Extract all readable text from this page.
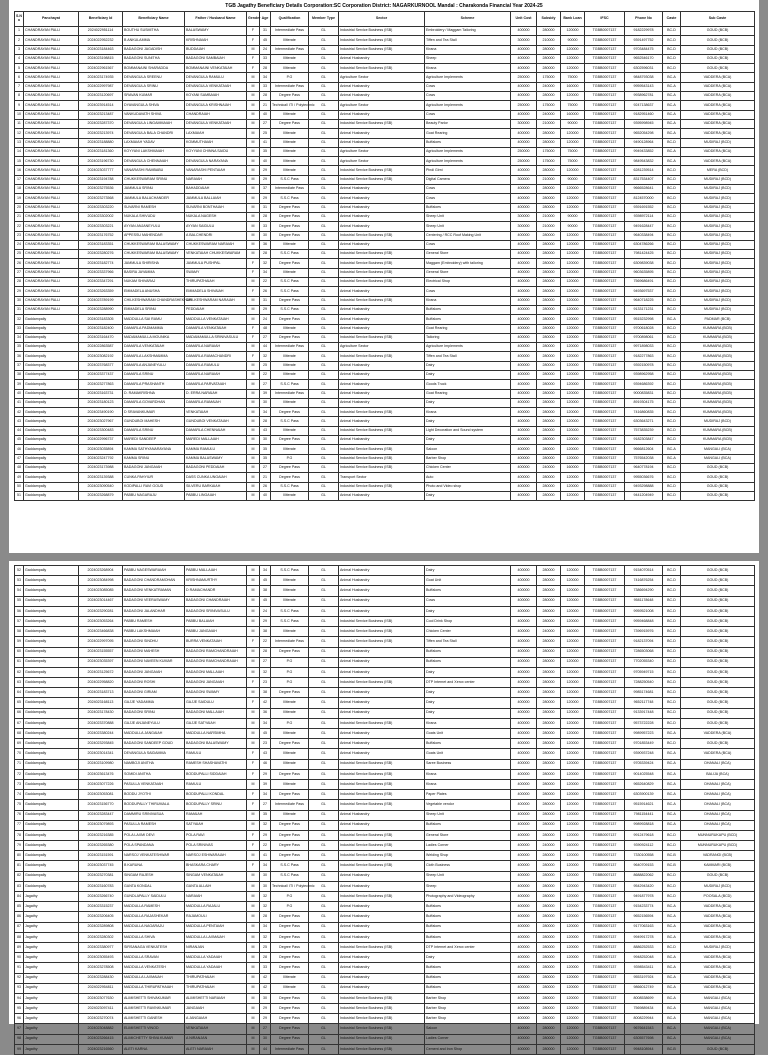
TGB Jagathy Beneficiary Details Corporation:SC Corporation District: NAGARKURNOOL Mandal : Charakonda Financial Year 2024-25
S.N o	Panchayat	Beneficiary Id	Beneficiary Name	Father / Husband Name	Gender	Age	Qualification	Member Type	Sector	Scheme	Unit Cost	Subsidy	Bank Loan	IFSC	Phone No	Caste	Sub Caste
1	CHANDRAYAN PALLI	2024022951114	BOUTHU SUSMITHA	BALASWAMY	F	31	Intermediate Pass	GL	Industrial Service Business (ISB)	Embroidery / Maggam Tailoring	400000	280000	120000	TGBB0007137	9182229978	BC-D	GOUD (BCB)
2	CHANDRAYAN PALLI	2024022952232	B ANKULAMMA	KRISHNAIAH	F	45	Illiterate	GL	Industrial Service Business (ISB)	Tiffen and Tea Stall	300000	210000	90000	TGBB0007137	9391497752	BC-D	GOUD (BCB)
3	CHANDRAYAN PALLI	2024023184463	BADAGONI JAGADISH	BUDDAIAH	M	24	Intermediate Pass	GL	Industrial Service Business (ISB)	Kirana	400000	280000	120000	TGBB0007137	9703484475	BC-D	GOUD (BCB)
4	CHANDRAYAN PALLI	2024023198815	BADAGONI SUNITHA	BADAGONI SAMBAIAH	F	33	Illiterate	GL	Animal Husbandry	Sheep	400000	280000	120000	TGBB0007137	9652546170	BC-D	GOUD (BCB)
5	CHANDRAYAN PALLI	2024022961567	BOMMANAINI SHARADDA	BOMMANAINI VENKATAIAH	F	28	Illiterate	GL	Industrial Service Business (ISB)	Kirana	400000	280000	120000	TGBB0007137	6302596031	BC-D	GOUD (BCB)
6	CHANDRAYAN PALLI	2024023174935	DEVANGULA SREENU	DEVANGULA RAMULU	M	34	P.G	GL	Agriculture Sector	Agriculture Implements	250000	175000	75000	TGBB0007137	9848793038	BC-A	VADDERA (BCA)
7	CHANDRAYAN PALLI	2024022997987	DEVANGULA SRINU	DEVANGULA VENKATAIAH	M	33	Intermediate Pass	GL	Animal Husbandry	Cows	400000	240000	160000	TGBB0007137	9959543143	BC-A	VADDERA (BCA)
8	CHANDRAYAN PALLI	2024023120697	SRAVAN KUMAR	KOYANI SAMBAIAH	M	28	Degree Pass	GL	Animal Husbandry	Cows	400000	280000	120000	TGBB0007137	9938962781	BC-A	VADDERA (BCA)
9	CHANDRAYAN PALLI	2024023914514	DYAVANGULA SHIVA	DEVANGULA KRISHNAIAH	M	21	Technical/ ITI / Polytechnic	GL	Agriculture Sector	Agriculture Implements	250000	175000	75000	TGBB0007137	9247138637	BC-A	VADDERA (BCA)
10	CHANDRAYAN PALLI	2024023213487	VANKUDAVATH SHIVA	CHANDRAIAH	M	40	Illiterate	GL	Animal Husbandry	Cows	400000	240000	160000	TGBB0007137	9182951460	BC-A	VADDERA (BCA)
11	CHANDRAYAN PALLI	2024023287370	DEVANGULA LINGAMMAIAH	DEVANGULA VENKATAIAH	M	27	Degree Pass	GL	Industrial Service Business (ISB)	Beauty Parlor	300000	210000	90000	TGBB0007137	9395998945	BC-A	VADDERA (BCA)
12	CHANDRAYAN PALLI	2024023213974	DEVANGULA BALA CHANDRI	LAXMAIAH	M	25	Illiterate	GL	Animal Husbandry	Goat Rearing	400000	280000	120000	TGBB0007137	9652054298	BC-A	VADDERA (BCA)
13	CHANDRAYAN PALLI	2024023188880	LAXMAIAH YADAV	KOMMUTHAIAH	M	41	Illiterate	GL	Animal Husbandry	Buffaloes	400000	280000	120000	TGBB0007137	9490128964	BC-D	MUDIRAJ (BCD)
14	CHANDRAYAN PALLI	2024023181360	KOYYANI LAKSHMAIAH	KOYYANI CHINNA SAIDU	M	35	Illiterate	GL	Agriculture Sector	Agriculture Implements	250000	175000	75000	TGBB0007137	9949433852	BC-A	VADDERA (BCA)
15	CHANDRAYAN PALLI	2024023196730	DEVANGULA CHENNAIAH	DEVANGULA NARAYANA	M	40	Illiterate	GL	Agriculture Sector	Agriculture Implements	250000	175000	75000	TGBB0007137	9849543832	BC-A	VADDERA (BCA)
16	CHANDRAYAN PALLI	2024023037777	VANARASHI RAMBABU	VANARASHI PENTAIAH	M	29	Illiterate	GL	Industrial Service Business (ISB)	Pindi Girni	400000	280000	120000	TGBB0007137	6281239514	BC-D	MERA (BCD)
17	CHANDRAYAN PALLI	2024023194788	CHUKKESWARAM SRINU	NARAIAH	M	29	S.S.C Pass	GL	Industrial Service Business (ISB)	Digital Camera	300000	210000	90000	TGBB0007137	8317534407	BC-D	MUDIRAJ (BCD)
18	CHANDRAYAN PALLI	2024023275536	JAMMULA SRINU	BAHADDAIAH	M	37	Intermediate Pass	GL	Animal Husbandry	Cows	400000	280000	120000	TGBB0007137	9666528641	BC-D	MUDIRAJ (BCD)
19	CHANDRAYAN PALLI	2024023273568	JAMMULA BALACHANDER	JAMMULA BALLAIAH	M	29	S.S.C Pass	GL	Animal Husbandry	Cows	400000	280000	120000	TGBB0007137	8124570000	BC-D	MUDIRAJ (BCD)
20	CHANDRAYAN PALLI	2024023303220	SUVARNI RAMESH	SUVARNI BONTHAIAH	M	31	Degree Pass	GL	Animal Husbandry	Buffaloes	400000	280000	120000	TGBB0007137	9391691552	BC-D	MUDIRAJ (BCD)
21	CHANDRAYAN PALLI	2024023302002	NUKALA SHIVUDU	NUKALA NAGESH	M	28	Degree Pass	GL	Animal Husbandry	Sheep Unit	300000	210000	90000	TGBB0007137	9398972114	BC-D	MUDIRAJ (BCD)
22	CHANDRAYAN PALLI	2024023303221	AYYAN ANJANEYULU	AYYAN SAIDULU	M	33	Degree Pass	GL	Animal Husbandry	Sheep Unit	300000	210000	90000	TGBB0007137	9491628447	BC-D	MUDIRAJ (BCD)
23	CHANDRAYAN PALLI	2024023176752	APPESSU MAHENDAR	A BALCHENDRI	M	30	Degree Pass	GL	Industrial Service Business (ISB)	Centering / RCC Roof Making Unit	400000	280000	120000	TGBB0007137	9640338494	BC-D	MUDIRAJ (BCD)
24	CHANDRAYAN PALLI	2024023183351	CHUKKESWARAM BALASWAMY	CHUKKESWARAM NARAIAH	M	36	Illiterate	GL	Animal Husbandry	Cows	400000	280000	120000	TGBB0007137	6304786266	BC-D	MUDIRAJ (BCD)
25	CHANDRAYAN PALLI	2024023280276	CHUKKESWARAM BALASWAMY	VENKATAIAH CHUKKESWARAM	M	28	S.S.C Pass	GL	Industrial Service Business (ISB)	General Store	400000	280000	120000	TGBB0007137	7981424425	BC-D	MUDIRAJ (BCD)
26	CHANDRAYAN PALLI	2024023182774	JAMMULA SHIRISHA	JAMMULA PUSHPAL	F	32	Degree Pass	GL	Industrial Service Business (ISB)	Maggam (Embroidery) with tailoring	400000	280000	120000	TGBB0007137	6309839038	BC-D	MUDIRAJ (BCD)
27	CHANDRAYAN PALLI	2024023337966	BASIRA JAYAMMA	SWAMY	F	34	Illiterate	GL	Industrial Service Business (ISB)	General Store	400000	280000	120000	TGBB0007137	9603635895	BC-D	MUDIRAJ (BCD)
28	CHANDRAYAN PALLI	2024023347291	NUKAM SHIVARAJ	THIRUPATHAIAH	M	22	S.S.C Pass	GL	Industrial Service Business (ISB)	Electrical Shop	400000	280000	120000	TGBB0007137	7569686491	BC-D	MUDIRAJ (BCD)
29	CHANDRAYAN PALLI	2024023263359	EMMADELA ANUSHA	EMMADELA SHIVAIAH	F	26	S.S.C Pass	GL	Animal Husbandry	Cows	400000	280000	120000	TGBB0007137	9493697537	BC-D	MUDIRAJ (BCD)
30	CHANDRAYAN PALLI	2024023789199	CHILKESHWARAM CHANDRASHEKHAR	CHILKESHWARAM NARAIAH	M	31	Degree Pass	GL	Industrial Service Business (ISB)	Kirana	400000	280000	120000	TGBB0007137	9640718225	BC-D	MUDIRAJ (BCD)
31	CHANDRAYAN PALLI	2024023288990	EMMADELA SRINU	PEDDAIAH	M	29	S.S.C Pass	GL	Animal Husbandry	Buffaloes	400000	280000	120000	TGBB0007137	9133171231	BC-D	MUDIRAJ (BCD)
32	Gaddampally	2024023183305	MADDULLA SAI RAMU	MADDULLA VENKATAIAH	M	24	Degree Pass	GL	Animal Husbandry	Buffaloes	400000	280000	120000	TGBB0007137	9515232998	BC-A	PADMAR (BCB)
33	Gaddampally	2024023182400	DAMARLA PADMAMMA	DAMARLA VENKATAIAH	F	48	Illiterate	GL	Animal Husbandry	Goat Rearing	400000	280000	120000	TGBB0007137	9700618028	BC-D	KUMMARA (BCB)
34	Gaddampally	2024023164470	MADAMAMULLA MOUNIKA	MADAMAMULLA SRINIVASULU	F	27	Degree Pass	GL	Industrial Service Business (ISB)	Tailoring	400000	280000	120000	TGBB0007137	9700898061	BC-D	KUMMARA (BCB)
35	Gaddampally	2024022863587	DAMARLA VENKATAIAH	DAMARLA NARAIAH	M	44	Intermediate Pass	GL	Agriculture Sector	Agriculture Implements	400000	280000	120000	TGBB0007137	9971898033	BC-D	KUMMARA (BCB)
36	Gaddampally	2024023082192	DAMARLA LAKSHMAMMA	DAMARLA RAMACHANDRI	F	32	Illiterate	GL	Industrial Service Business (ISB)	Tiffen and Tea Stall	400000	280000	120000	TGBB0007137	9182277863	BC-D	KUMMARA (BCB)
37	Gaddampally	2024023768377	DAMARLA ANJANEYULU	DAMARLA RAMULU	M	25	Illiterate	GL	Animal Husbandry	Dairy	400000	280000	120000	TGBB0007137	9392150978	BC-D	KUMMARA (BCB)
38	Gaddampally	2024023377437	DAMARLA SRINU	DAMARLA NARAIAH	M	22	Illiterate	GL	Animal Husbandry	Dairy	400000	280000	120000	TGBB0007137	9398962958	BC-D	KUMMARA (BCB)
39	Gaddampally	2024023277863	DAMARLA PRASHANTH	DAMARLA PARVATAIAH	M	27	S.S.C Pass	GL	Animal Husbandry	Goods Truck	400000	280000	120000	TGBB0007137	9394686392	BC-D	KUMMARA (BCB)
40	Gaddampally	2024023163731	D. RAMAKRISHNA	D. ERRA NARAIAH	M	39	Intermediate Pass	GL	Animal Husbandry	Goat Rearing	400000	280000	120000	TGBB0007137	9000835831	BC-D	KUMMARA (BCB)
41	Gaddampally	2024023180123	DAMARLA GOVARDHAN	DAMARLA RAMAIAH	M	30	Illiterate	GL	Animal Husbandry	Dairy	400000	280000	120000	TGBB0007137	8919304175	BC-D	KUMMARA (BCB)
42	Gaddampally	2024023490190	D SRAVANKUMAR	VENKATAIAH	M	34	Degree Pass	GL	Industrial Service Business (ISB)	Kirana	400000	280000	120000	TGBB0007137	7416860835	BC-D	KUMMARA (BCB)
43	Gaddampally	2024023027967	GUNDUBOI MAHESH	GUNDUBOI VENKATAIAH	M	28	S.S.C Pass	GL	Animal Husbandry	Dairy	400000	280000	120000	TGBB0007137	6303643271	BC-D	MUDIRAJ (BCD)
44	Gaddampally	2024023300483	DAMARLA SRINU	DAMARLA CHENNAIAH	M	43	Illiterate	GL	Industrial Service Business (ISB)	Light Decoration and Sound system	400000	280000	120000	TGBB0007137	7573835239	BC-D	KUMMARA (BCB)
45	Gaddampally	2024022996737	MAREDI SANDEEP	MAREDI MALLAIAH	M	30	Degree Pass	GL	Animal Husbandry	Dairy	400000	280000	120000	TGBB0007137	9182303847	BC-D	KUMMARA (BCB)
46	Gaddampally	2024023035894	KAMMA SATHYANARAYANA	KAMMA RAMULU	M	35	Illiterate	GL	Industrial Service Business (ISB)	Saloon	400000	280000	120000	TGBB0007137	9666812604	BC-A	MANGALI (BCA)
47	Gaddampally	2024023247792	KAMMA SRINU	KAMMA BALASWAMY	M	35	P.G	GL	Industrial Service Business (ISB)	Barber Shop	400000	280000	120000	TGBB0007137	7576542038	BC-A	MANGALI (BCA)
48	Gaddampally	2024023173988	BADAGONI JANGAIAH	BADAGONI PEDDAIAH	M	27	Degree Pass	GL	Industrial Service Business (ISB)	Chicken Center	400000	240000	160000	TGBB0007137	9640778194	BC-D	GOUD (BCB)
49	Gaddampally	2024023139388	CUNKA PAHYIUR	DASS CUNKA UNGAIAH	M	21	Degree Pass	GL	Transport Sector	Auto	400000	280000	120000	TGBB0007137	9955036676	BC-D	GOUD (BCB)
50	Gaddampally	2024023090540	KODIPALLI RAVI GOUD	SILVERU BARKAIAH	M	26	S.S.C Pass	GL	Industrial Service Business (ISB)	Photo and Video shop	400000	280000	120000	TGBB0007137	9493298888	BC-D	GOUD (BCB)
51	Gaddampally	2024023268879	PABBU NAGARAJU	PABBU LINGAIAH	M	40	Illiterate	GL	Animal Husbandry	Dairy	400000	280000	120000	TGBB0007137	9441204949	BC-D	GOUD (BCB)
52	Gaddampally	2024023268904	PABBU NAGESWARAIAH	PABBU MALLAIAH	M	34	S.S.C Pass	GL	Animal Husbandry	Dairy	400000	280000	120000	TGBB0007137	9154070514	BC-D	GOUD (BCB)
53	Gaddampally	2024023084998	BADAGONI CHANDRAMOHAN	KRISHNAMURTHY	M	45	Illiterate	GL	Animal Husbandry	Goat Unit	400000	280000	120000	TGBB0007137	7416876254	BC-D	GOUD (BCB)
54	Gaddampally	2024023085085	BADAGONI VENKATRAMAN	D RAMACHANDR	M	38	Illiterate	GL	Animal Husbandry	Buffaloes	400000	280000	120000	TGBB0007137	7386694290	BC-D	GOUD (BCB)
55	Gaddampally	2024023014467	BADAGONI VEERASWAMY	BADAGONI CHANDRAIAH	M	45	Illiterate	GL	Animal Husbandry	Cows	400000	280000	120000	TGBB0007137	9581178648	BC-D	GOUD (BCB)
56	Gaddampally	2024023290281	BADAGONI JALANDHAR	BADAGONI SRINIVASULU	M	24	S.S.C Pass	GL	Animal Husbandry	Dairy	400000	280000	120000	TGBB0007137	9959521008	BC-D	GOUD (BCB)
57	Gaddampally	2024023053264	PABBU RAMESH	PABBU BALAIAH	M	29	S.S.C Pass	GL	Industrial Service Business (ISB)	Cool Drink Shop	400000	280000	120000	TGBB0007137	9959468848	BC-D	GOUD (BCB)
58	Gaddampally	2024023466838	PABBU LAKSHMAIAH	PABBU JANGAIAH	M	38	Illiterate	GL	Industrial Service Business (ISB)	Chicken Center	400000	240000	160000	TGBB0007137	7396915976	BC-D	GOUD (BCB)
59	Gaddampally	2024022997095	BADAGONI SINDHU	BURRA VENKATAIAH	F	22	Intermediate Pass	GL	Industrial Service Business (ISB)	Tiffen and Tea Stall	400000	280000	120000	TGBB0007137	9182137094	BC-D	GOUD (BCB)
60	Gaddampally	2024023155557	BADAGONI MAHESH	BADAGONI RAMCHANDRAIAH	M	28	Degree Pass	GL	Animal Husbandry	Buffaloes	400000	280000	120000	TGBB0007137	7286503068	BC-D	GOUD (BCB)
61	Gaddampally	2024023035397	BADAGONI NAVEEN KUMAR	BADAGONI RAMCHANDRAIAH	M	27	P.G	GL	Animal Husbandry	Buffaloes	400000	280000	120000	TGBB0007137	7702055340	BC-D	GOUD (BCB)
62	Gaddampally	2024023125672	BADAGONI JANGAIAH	BADAGONI MALLAIAH	M	32	P.G	GL	Animal Husbandry	Dairy	400000	280000	120000	TGBB0007137	9705949715	BC-D	GOUD (BCB)
63	Gaddampally	2024022958820	BADAGONI ROSHI	BADAGONI JANGAIAH	F	23	P.G	GL	Industrial Service Business (ISB)	DTP Internet and Xerox center	400000	280000	120000	TGBB0007137	7288250540	BC-D	GOUD (BCB)
64	Gaddampally	2024023183713	BADAGONI GIRIAM	BADAGONI SWAMY	M	38	Degree Pass	GL	Animal Husbandry	Dairy	400000	280000	120000	TGBB0007137	9985174681	BC-D	GOUD (BCB)
65	Gaddampally	2024023168113	GAJJE YADAMMA	GAJJE SAIDULU	F	42	Illiterate	GL	Animal Husbandry	Dairy	400000	280000	120000	TGBB0007137	9652117748	BC-D	GOUD (BCB)
66	Gaddampally	2024023178430	BADAGONI SRINU	BADAGONI MALLAIAH	M	36	Illiterate	GL	Animal Husbandry	Dairy	400000	280000	120000	TGBB0007137	9133917448	BC-D	GOUD (BCB)
67	Gaddampally	2024023370888	GAJJE ANJANEYULU	GAJJE SATYAIAH	M	34	P.G	GL	Industrial Service Business (ISB)	Kirana	400000	280000	120000	TGBB0007137	9573722228	BC-D	GOUD (BCB)
68	Gaddampally	2024023380244	MADDULLA JANGAIAH	MADDULLA NARSIMHA	M	45	Illiterate	GL	Animal Husbandry	Goats Unit	400000	280000	120000	TGBB0007137	9989957223	BC-A	VADDERA (BCA)
69	Gaddampally	2024023293845	BADAGONI SANDEEP GOUD	BADAGONI BALASWAMY	M	23	Degree Pass	GL	Animal Husbandry	Buffaloes	400000	280000	120000	TGBB0007137	9701853449	BC-D	GOUD (BCB)
70	Gaddampally	2024023014341	DEVANGULA SAIDAMMA	RAMULU	F	43	Illiterate	GL	Animal Husbandry	Goats Unit	400000	280000	120000	TGBB0007137	9390937248	BC-A	VADDERA (BCA)
71	Gaddampally	2024023109980	NAMBOJI ANITHA	RAMESH SHASHAVATHI	F	46	Illiterate	GL	Industrial Service Business (ISB)	Saree Business	400000	280000	120000	TGBB0007137	9705339424	BC-A	DHANALI (BCA)
72	Gaddampally	2024023613476	SOMIDI ANITHA	BODDUPALLI SIDDAIAH	F	29	Degree Pass	GL	Industrial Service Business (ISB)	Kirana	400000	280000	120000	TGBB0007137	9014025548	BC-A	BALIJA (BCA)
73	Gaddampally	2024023077226	PASULLA VENKATAIAH	RAMULU	M	39	Illiterate	GL	Industrial Service Business (ISB)	Kirana	400000	280000	120000	TGBB0007137	9652640829	BC-A	DHANALI (BCA)
74	Gaddampally	2024023053081	BODDU JYOTHI	BODDUPALLI KONDAL	F	34	Degree Pass	GL	Industrial Service Business (ISB)	Paper Plates	400000	280000	120000	TGBB0007137	6303900139	BC-A	DHANALI (BCA)
75	Gaddampally	2024023156770	BODDUPALLY THIRUMALA	BODDUPALLY SRINU	F	27	Intermediate Pass	GL	Industrial Service Business (ISB)	Vegetable vendor	400000	280000	120000	TGBB0007137	9515914621	BC-A	DHANALI (BCA)
76	Gaddampally	2024023283447	DAMMIRU SRINIVASUA	RAMAIAH	M	35	Illiterate	GL	Animal Husbandry	Sheep Unit	400000	280000	120000	TGBB0007137	7981154441	BC-A	DHANALI (BCA)
77	Gaddampally	2024023079893	PASULLA RAMESH	SATYAIAH	M	32	Degree Pass	GL	Animal Husbandry	Buffaloes	400000	280000	120000	TGBB0007137	9989928818	BC-A	DHANALI (BCA)
78	Gaddampally	2024023216385	POLA LAXMI DEVI	POLA RAVI	F	29	Degree Pass	GL	Industrial Service Business (ISB)	General Store	400000	280000	120000	TGBB0007137	9912479618	BC-D	MUNNURUKAPU (BCD)
79	Gaddampally	2024023265380	POLA SPANDANA	POLA SRINIVAS	F	22	Degree Pass	GL	Industrial Service Business (ISB)	Ladies Corner	400000	240000	160000	TGBB0007137	9390924112	BC-D	MUNNURUKAPU (BCD)
80	Gaddampally	2024023151591	NARSOJ VENKATESHWAR	NARSOJ ESHWARAIAH	M	41	Degree Pass	GL	Industrial Service Business (ISB)	Welding Shop	400000	280000	120000	TGBB0007137	7330100558	BC-B	VADRANGI (BCB)
81	Gaddampally	2024023037745	B KARUNA	BHASKARA CHARY	F	34	S.S.C Pass	GL	Industrial Service Business (ISB)	Cloth Business	400000	280000	120000	TGBB0007137	9640709153	BC-B	KAMMARI (BCB)
82	Gaddampally	2024023270381	SINGAM RAJESH	SINGAM VENKATAIAH	M	30	S.S.C Pass	GL	Animal Husbandry	Sheep Unit	400000	280000	120000	TGBB0007137	8688822062	BC-D	GOUD (BCB)
83	Gaddampally	2024023160783	GANTA KONDAL	GANTA ALLAIH	M	30	Technical/ ITI / Polytechnic	GL	Animal Husbandry	Sheep	400000	280000	120000	TGBB0007137	9542943420	BC-D	MUDIRAJ (BCD)
84	Jagathy	2024023266740	GUNDLAPALLY SAIDULU	NARAIAH	M	32	P.G	GL	Industrial Service Business (ISB)	Photography and Videography	400000	280000	120000	TGBB0007137	9491877978	BC-D	POOSALA (BCD)
85	Jagathy	2024023315237	MADDULLA RAMESH	MADDULLA RAJALU	M	32	P.G	GL	Animal Husbandry	Buffaloes	400000	280000	120000	TGBB0007137	9154233774	BC-A	VADDERA (BCA)
86	Jagathy	2024023206405	MADDULLA RAJASHEKAR	RAJAMOULI	M	28	Degree Pass	GL	Animal Husbandry	Buffaloes	400000	280000	120000	TGBB0007137	9652156594	BC-A	VADDERA (BCA)
87	Jagathy	2024023289808	MADDULLA NAGARAJU	MADDULLA PENTAIAH	M	34	Degree Pass	GL	Animal Husbandry	Buffaloes	400000	280000	120000	TGBB0007137	9177063163	BC-A	VADDERA (BCA)
88	Jagathy	2024023280302	MADDULLA SHIVA	MADDULLA LAXMAIAH	M	32	Degree Pass	GL	Animal Husbandry	Buffaloes	400000	280000	120000	TGBB0007137	9949917278	BC-A	VADDERA (BCA)
89	Jagathy	2024023380977	SIRSANAGA VENKATESH	NIRANJAN	M	25	Degree Pass	GL	Industrial Service Business (ISB)	DTP Internet and Xerox center	400000	280000	120000	TGBB0007137	8886252533	BC-D	MUDIRAJ (BCD)
90	Jagathy	2024023055493	MADDULLA SRAVAN	MADDULLA YADAIAH	M	28	Degree Pass	GL	Animal Husbandry	Dairy	400000	280000	120000	TGBB0007137	9948252048	BC-A	VADDERA (BCA)
91	Jagathy	2024023278508	MADDULLA VENKATESH	MADDULLA YADAIAH	M	33	Degree Pass	GL	Animal Husbandry	Buffaloes	400000	280000	120000	TGBB0007137	9398543411	BC-A	VADDERA (BCA)
92	Jagathy	2024023288430	MADDULLA LAXMAIAH	THIRUPATHAIAH	M	42	Illiterate	GL	Animal Husbandry	Buffaloes	400000	280000	120000	TGBB0007137	9553197924	BC-A	VADDERA (BCA)
93	Jagathy	2024022954811	MADDULLA THIRUPATHAIAH	THIRUPATHAIAH	M	42	Illiterate	GL	Animal Husbandry	Buffaloes	400000	280000	120000	TGBB0007137	9866012749	BC-A	VADDERA (BCA)
94	Jagathy	2024023077630	ALIMISHETTI SHIVAKUMAR	ALIMISHETTI NARAIAH	M	30	Degree Pass	GL	Industrial Service Business (ISB)	Barber Shop	400000	280000	120000	TGBB0007137	8008538699	BC-A	MANGALI (BCA)
95	Jagathy	2024023097411	ALIMISHETTI RAVINKUMAR	JANGAIAH	M	29	Degree Pass	GL	Industrial Service Business (ISB)	Barber Shop	400000	280000	120000	TGBB0007137	7569889434	BC-A	MANGALI (BCA)
96	Jagathy	2024023270074	ALIMISHETTI GANESH	A JANGAIAH	M	29	Degree Pass	GL	Industrial Service Business (ISB)	Barber Shop	400000	280000	120000	TGBB0007137	8008229944	BC-A	MANGALI (BCA)
97	Jagathy	2024023048882	ELIMISHETTI VINOD	VENKATAIAH	M	27	Degree Pass	GL	Industrial Service Business (ISB)	Saloon	400000	280000	120000	TGBB0007137	9676641543	BC-A	MANGALI (BCA)
98	Jagathy	2024023266415	ALIMICHETTY SHIVA KUMAR	A NIRANJAN	M	30	Degree Pass	GL	Industrial Service Business (ISB)	Ladies Corner	400000	280000	120000	TGBB0007137	6305577698	BC-A	MANGALI (BCA)
99	Jagathy	2024023216560	ALETI KARNA	ALETI NARAIAH	M	44	Intermediate Pass	GL	Industrial Service Business (ISB)	Cement and Iron Shop	400000	280000	120000	TGBB0007137	9948108944	BC-B	GOUD (BCB)
